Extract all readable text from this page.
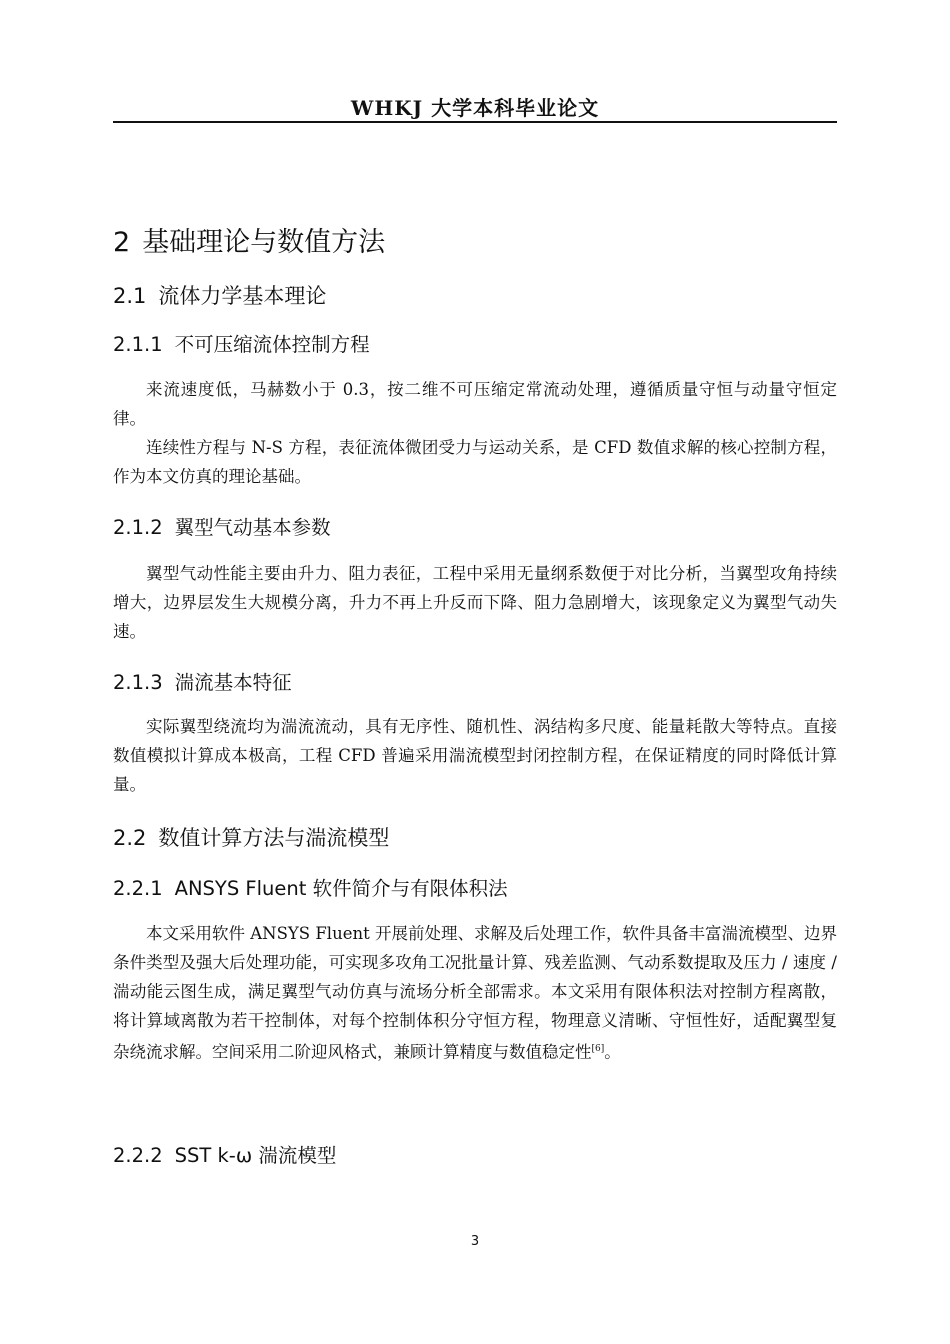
WHKJ 大学本科毕业论文
2 基础理论与数值方法
2.1 流体力学基本理论
2.1.1 不可压缩流体控制方程
来流速度低，马赫数小于 0.3，按二维不可压缩定常流动处理，遵循质量守恒与动量守恒定律。
连续性方程与 N-S 方程，表征流体微团受力与运动关系，是 CFD 数值求解的核心控制方程，作为本文仿真的理论基础。
2.1.2 翼型气动基本参数
翼型气动性能主要由升力、阻力表征，工程中采用无量纲系数便于对比分析，当翼型攻角持续增大，边界层发生大规模分离，升力不再上升反而下降、阻力急剧增大，该现象定义为翼型气动失速。
2.1.3 湍流基本特征
实际翼型绕流均为湍流流动，具有无序性、随机性、涡结构多尺度、能量耗散大等特点。直接数值模拟计算成本极高，工程 CFD 普遍采用湍流模型封闭控制方程，在保证精度的同时降低计算量。
2.2 数值计算方法与湍流模型
2.2.1 ANSYS Fluent 软件简介与有限体积法
本文采用软件 ANSYS Fluent 开展前处理、求解及后处理工作，软件具备丰富湍流模型、边界条件类型及强大后处理功能，可实现多攻角工况批量计算、残差监测、气动系数提取及压力 / 速度 / 湍动能云图生成，满足翼型气动仿真与流场分析全部需求。本文采用有限体积法对控制方程离散，将计算域离散为若干控制体，对每个控制体积分守恒方程，物理意义清晰、守恒性好，适配翼型复杂绕流求解。空间采用二阶迎风格式，兼顾计算精度与数值稳定性[6]。
2.2.2 SST k-ω 湍流模型
3
